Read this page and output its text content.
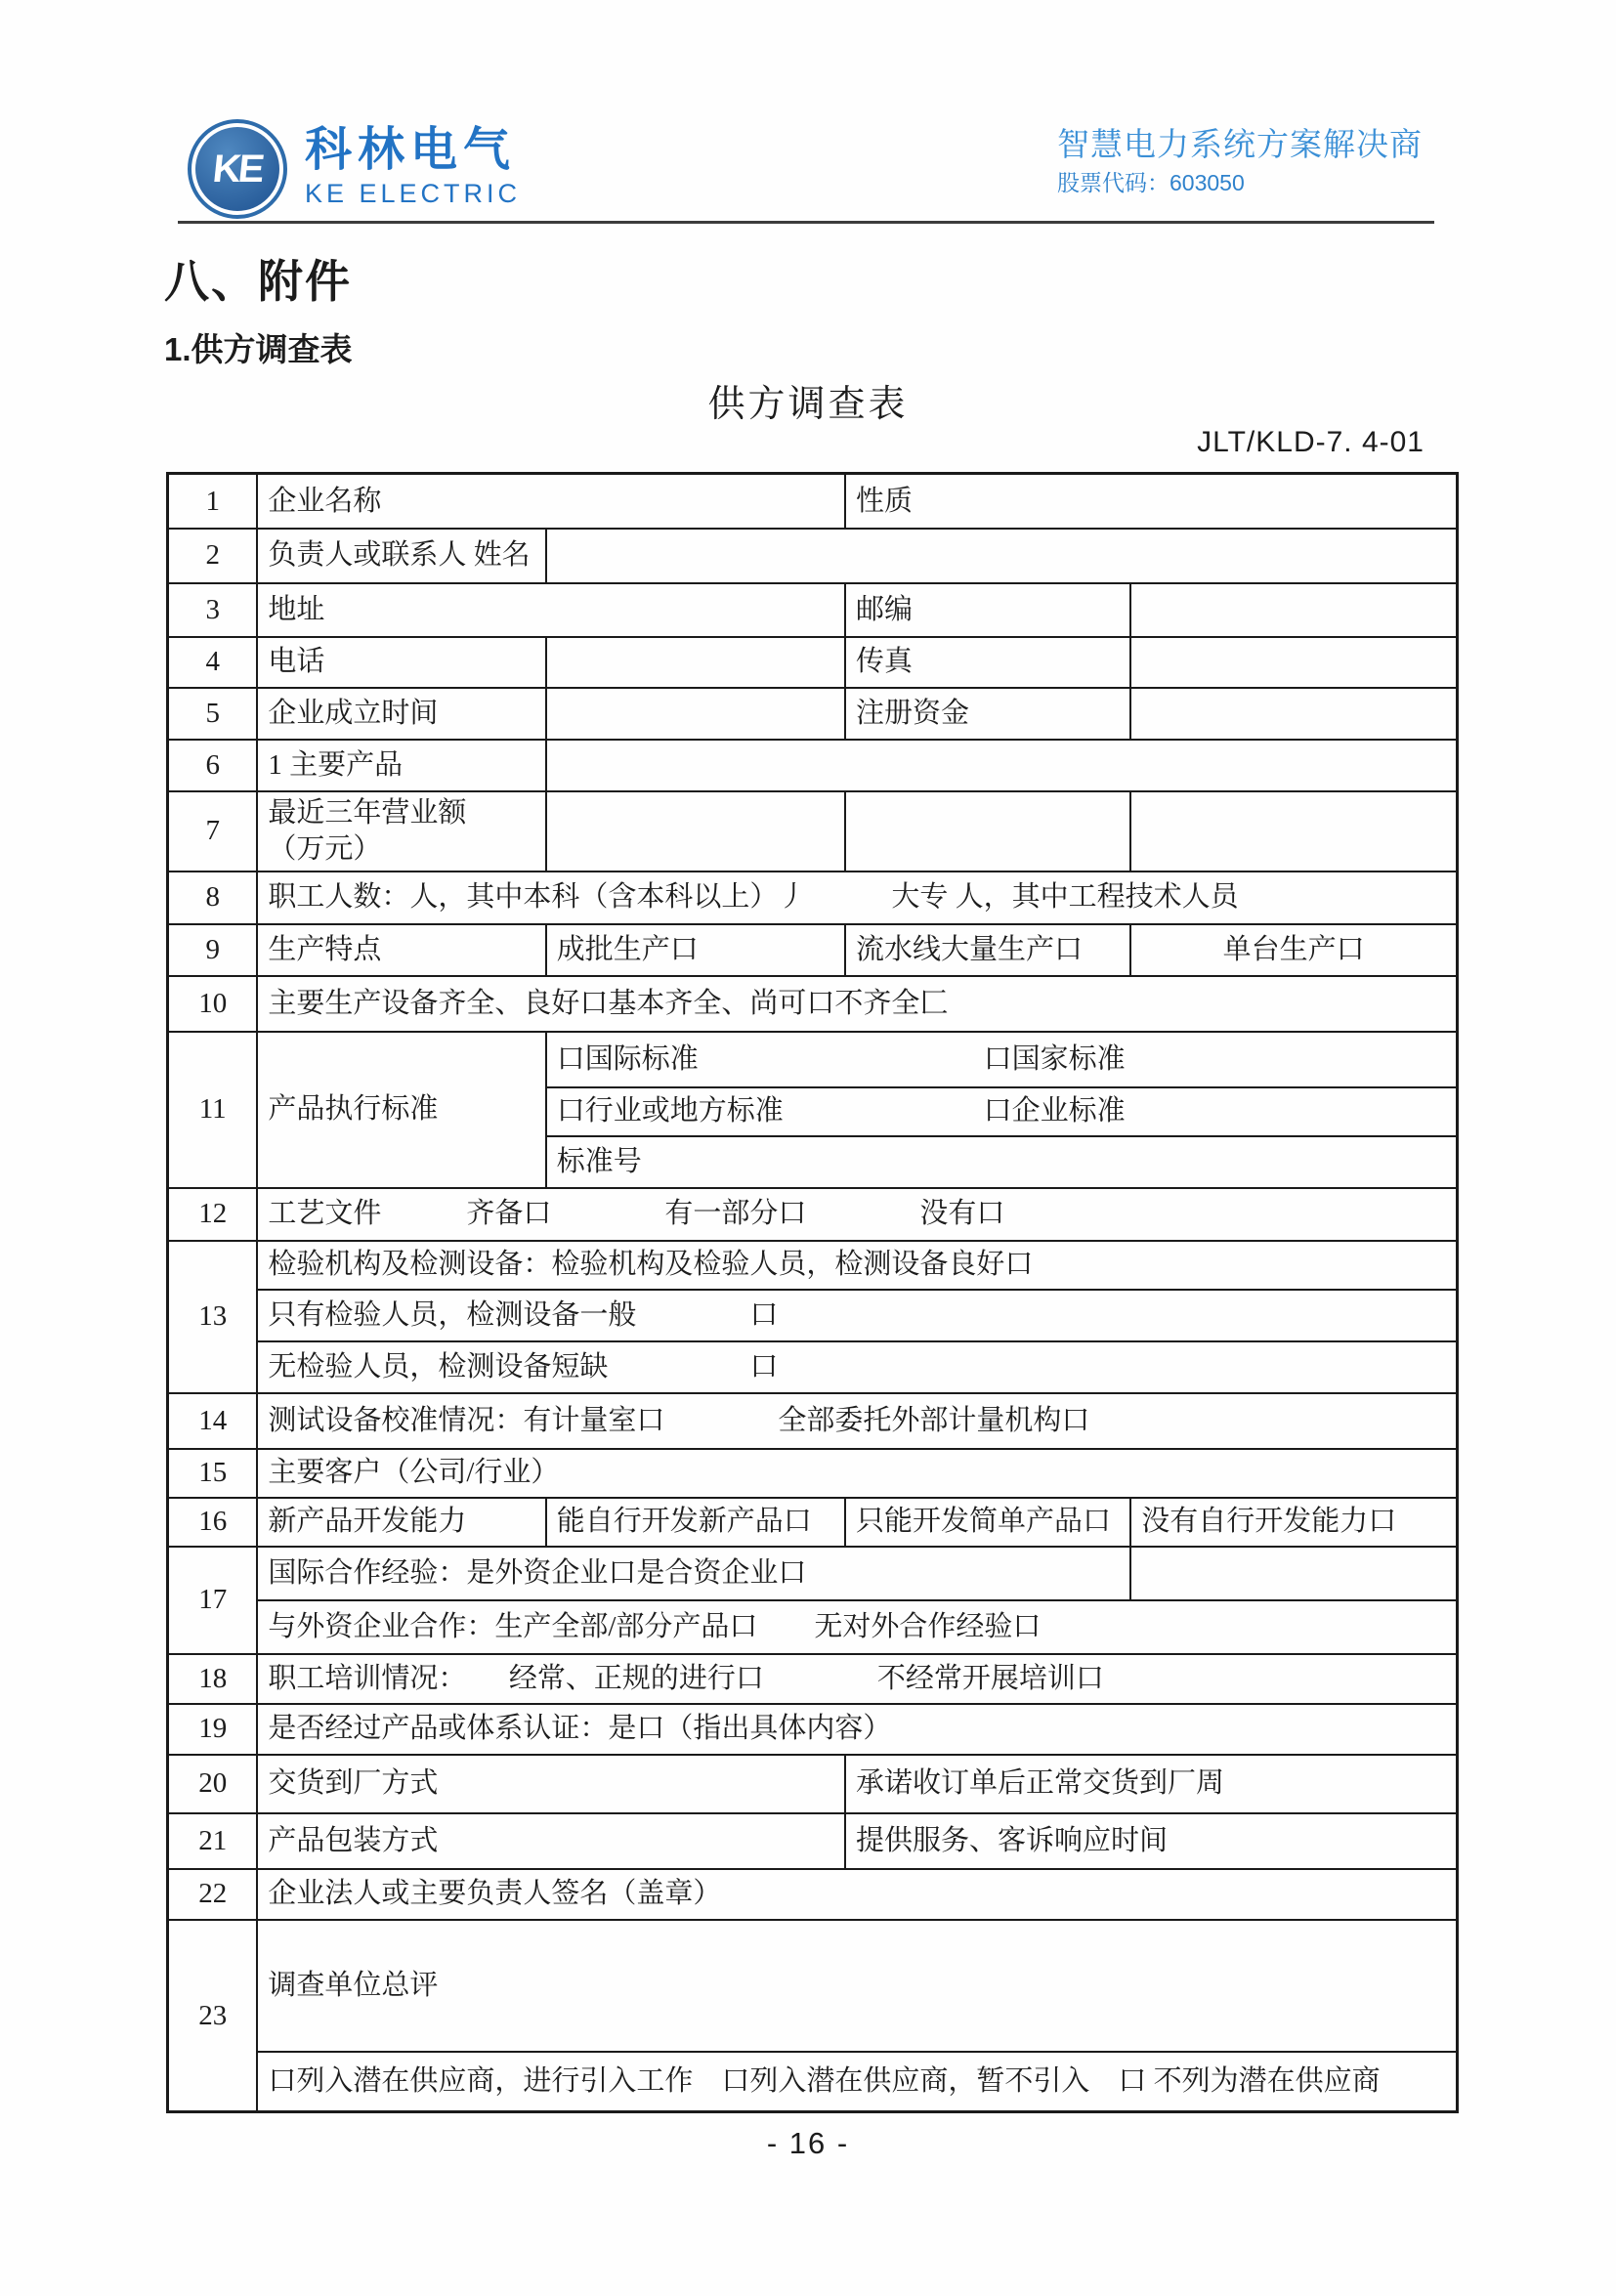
KE 科林电气
KE ELECTRIC
智慧电力系统方案解决商
股票代码：603050
八、附件
1.供方调查表
供方调查表
JLT/KLD-7. 4-01
1	企业名称		性质	
2	负责人或联系人 姓名			
3	地址		邮编	
4	电话		传真	
5	企业成立时间		注册资金	
6	1 主要产品			
7	最近三年营业额
（万元）			

8	职工人数：人，其中本科（含本科以上）丿　　　大专 人，其中工程技术人员			
9	生产特点	成批生产口	流水线大量生产口	单台生产口
10	主要生产设备齐全、良好口基本齐全、尚可口不齐全匚			
11	产品执行标准	口国际标准 口国家标准		
		口行业或地方标准 口企业标准		
		标准号		
12	工艺文件　　　齐备口　　　　有一部分口　　　　没有口			
13	检验机构及检测设备：检验机构及检验人员，检测设备良好口			
	只有检验人员，检测设备一般　　　　口			
	无检验人员，检测设备短缺　　　　　口			
14	测试设备校准情况：有计量室口　　　　全部委托外部计量机构口			
15	主要客户（公司/行业）			
16	新产品开发能力	能自行开发新产品口	只能开发简单产品口	没有自行开发能力口
17	国际合作经验：是外资企业口是合资企业口			
	与外资企业合作：生产全部/部分产品口　　无对外合作经验口			
18	职工培训情况：　　经常、正规的进行口　　　　不经常开展培训口			
19	是否经过产品或体系认证：是口（指出具体内容）			
20	交货到厂方式		承诺收订单后正常交货到厂周	
21	产品包装方式		提供服务、客诉响应时间	
22	企业法人或主要负责人签名（盖章）			
23	调查单位总评			
	口列入潜在供应商，进行引入工作　口列入潜在供应商，暂不引入　口 不列为潜在供应商			
- 16 -
